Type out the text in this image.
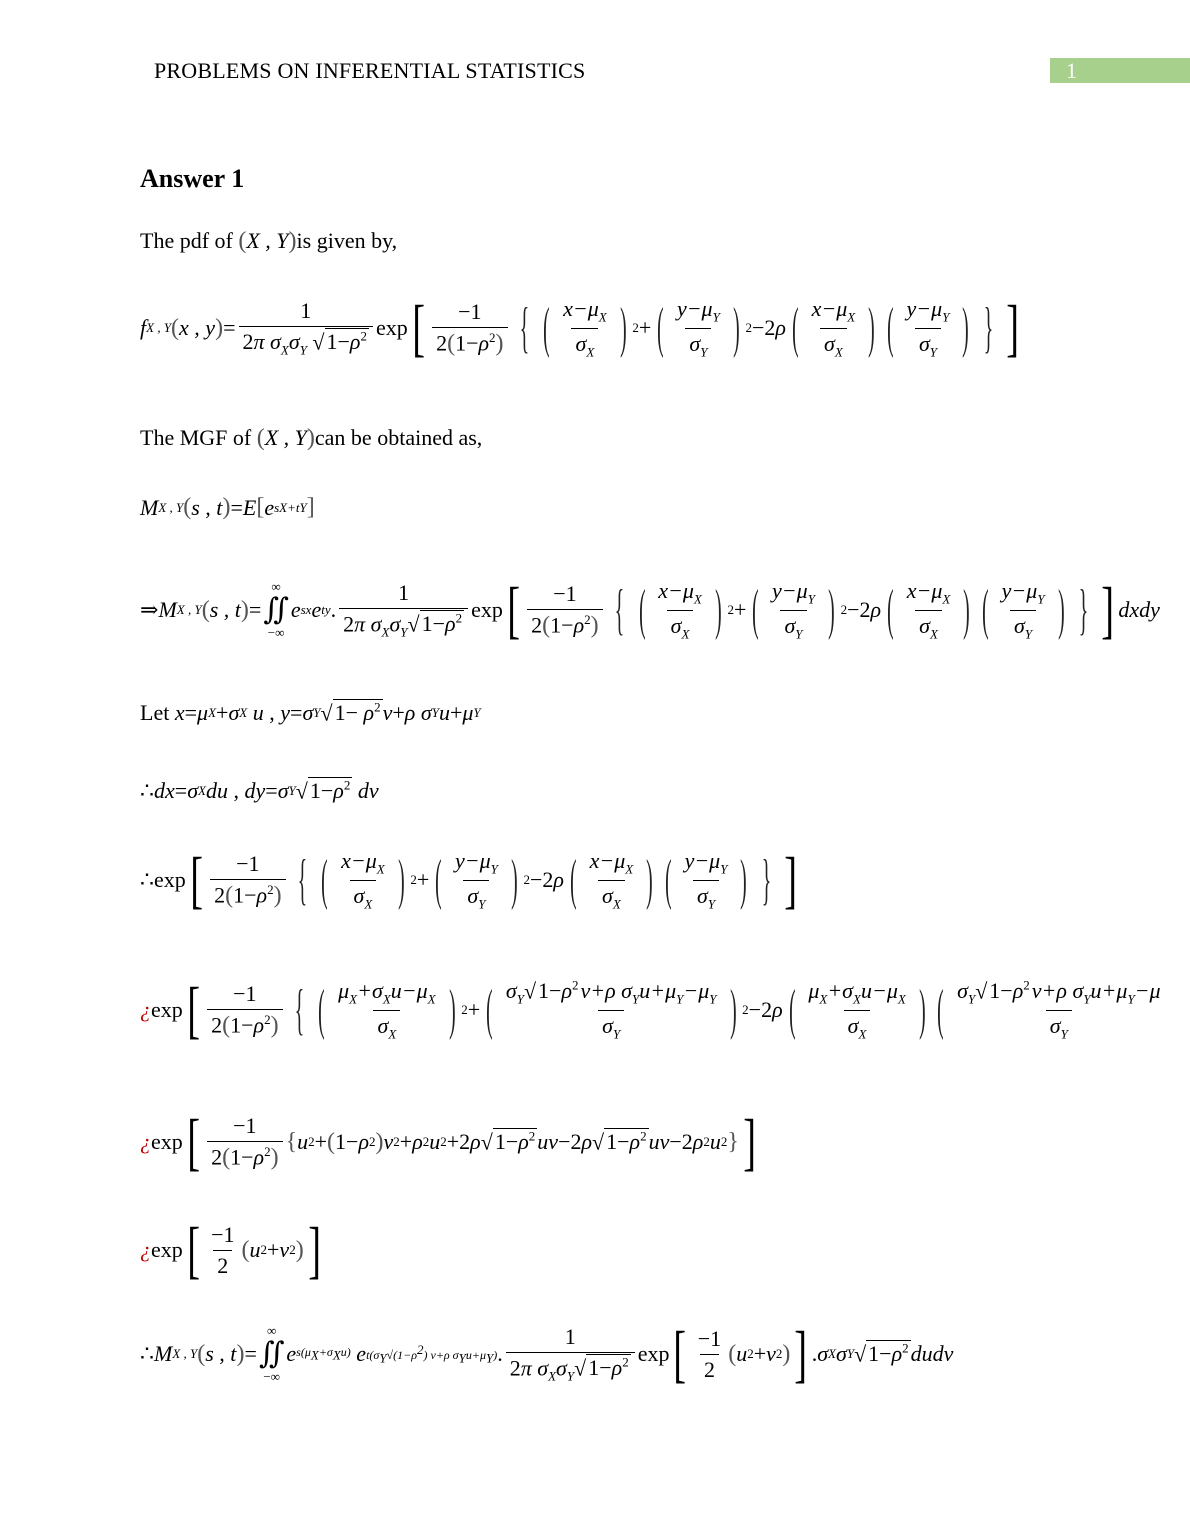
PROBLEMS ON INFERENTIAL STATISTICS	1
Answer 1
The pdf of (X , Y)is given by,
f X , Y ( x , y ) = $\frac{1}{2\pi \sigma_X\sigma_Y √1-\rho^2}$ exp [ $\frac{-1}{2(1-\rho^2)}$ { ( $\frac{x-\mu_X}{\sigma_X}$ ) 2 + ( $\frac{y-\mu_Y}{\sigma_Y}$ ) 2 −2ρ ( $\frac{x-\mu_X}{\sigma_X}$ ) ( $\frac{y-\mu_Y}{\sigma_Y}$ ) } ]
The MGF of (X , Y)can be obtained as,
M X , Y ( s , t ) = E [ e sX+tY ]
⇒ M X , Y ( s , t ) =
∞
∬
−∞
e sx e ty . $\frac{1}{2\pi \sigma_X\sigma_Y√1-\rho^2}$ exp [ $\frac{-1}{2(1-\rho^2)}$ { ( $\frac{x-\mu_X}{\sigma_X}$ ) 2 + ( $\frac{y-\mu_Y}{\sigma_Y}$ ) 2 −2ρ ( $\frac{x-\mu_X}{\sigma_X}$ ) ( $\frac{y-\mu_Y}{\sigma_Y}$ ) } ] dxdy
Let
x = μ X + σ X
u , y = σ Y $√1- \rho^2$ v + ρ σ Y u + μ Y
∴ dx = σ X du , dy = σ Y $√1-\rho^2$
dv
∴ exp [ $\frac{-1}{2(1-\rho^2)}$ { ( $\frac{x-\mu_X}{\sigma_X}$ ) 2 + ( $\frac{y-\mu_Y}{\sigma_Y}$ ) 2 −2ρ ( $\frac{x-\mu_X}{\sigma_X}$ ) ( $\frac{y-\mu_Y}{\sigma_Y}$ ) } ]
¿ exp [ $\frac{-1}{2(1-\rho^2)}$ { ( $\frac{\mu_X+\sigma_Xu-\mu_X}{\sigma_X}$ ) 2 + ( $\frac{\sigma_Y√1-\rho^2v+\rho \sigma_Yu+\mu_Y-\mu_Y}{\sigma_Y}$ ) 2 −2ρ ( $\frac{\mu_X+\sigma_Xu-\mu_X}{\sigma_X}$ ) ( $\frac{\sigma_Y√1-\rho^2v+\rho \sigma_Yu+\mu_Y-\mu}{\sigma_Y}$
¿ exp [ $\frac{-1}{2(1-\rho^2)}$ { u 2 + ( 1− ρ 2 ) v 2 + ρ 2 u 2 +2 ρ $√1-\rho^2$ uv −2 ρ $√1-\rho^2$ uv −2 ρ 2 u 2 } ]
¿ exp [ $\frac{-1}{2}$ ( u 2 + v 2 ) ]
∴ M X , Y ( s , t ) =
∞
∬
−∞
e $s(\mu_X+\sigma_Xu)$
e $t(\sigma_Y√(1-\rho^2)$ v+ρ $\sigma_Yu+\mu_Y$) . $\frac{1}{2\pi \sigma_X\sigma_Y√1-\rho^2}$ exp [ $\frac{-1}{2}$ ( u 2 + v 2 ) ] . σ X σ Y $√1-\rho^2$ dudv
